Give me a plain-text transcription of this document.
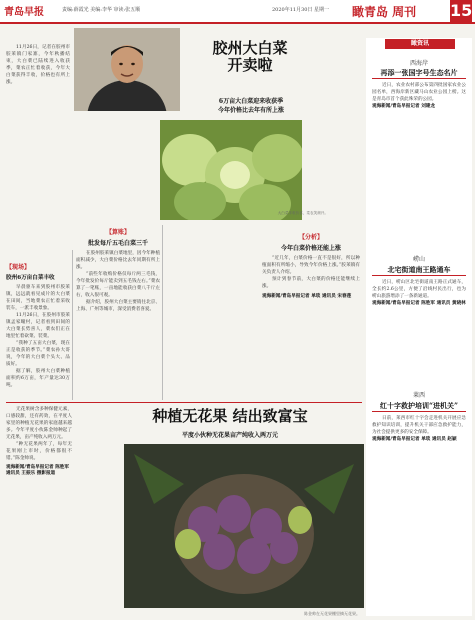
青岛早报	责编:薛霞光 美编:李华 审读:张五顺	2020年11月30日 星期一 瞰青岛 周刊 15

11月26日，记者在胶州市胶莱镇门家寨，今年秋播结束，大白菜已陆续进入收获季，菜农正忙着收获，今年大白菜获得丰收，价格也有所上涨。

胶州大白菜
开卖啦
6万亩大白菜迎来收获季
今年价格比去年有所上涨
大白菜丰收价喜，菜农笑颜开。
【现场】
胶州6万亩白菜丰收

早晨驱车来到胶州市胶莱镇，远远就看见成片的大白菜在田间，当地菜农正忙着采收装车，一派丰收景象。

11月26日，在胶州市胶莱镇孟家疃村，记者看到田间的大白菜长势喜人，菜农们正在地里忙着砍菜、装菜。

“我种了五亩大白菜，现在正是收获的季节。”菜农孙大哥说，今年的大白菜个头大、品质好。

据了解，胶州大白菜种植面积约6万亩，年产量达30万吨。

【算账】
批发每斤五毛白菜三千

在胶州胶莱镇白菜地里，因今年种植面积减少，大白菜价格比去年同期有所上涨。

“前些年收购价格仅每斤两三毛钱，今年批发价每斤能卖到五毛钱左右。”菜农算了一笔账，一亩地能收获白菜八千斤左右，收入很可观。

据介绍，胶州大白菜主要销往北京、上海、广州等城市，深受消费者喜爱。

【分析】
今年白菜价格还能上涨

“近几年，白菜价格一直不是很好，所以种植面积有所缩小，导致今年价格上涨。”胶莱镇有关负责人介绍。

预计到春节前，大白菜的价格还能继续上涨。

观海新闻/青岛早报记者 单琰 通讯员 宋春莲
种植无花果 结出致富宝
平度小伙种无花果亩产纯收入两万元

无花果树含多种保健元素，口感较甜，还有药效，在平度人家里的种植无花果的家庭越来越多。今年平度小伙陈金帅种起了无花果，亩产纯收入两万元。

“种无花果两年了，每年无花果刚上市时，价格都很不错。”陈金帅说。

观海新闻/青岛早报记者 陈胜军 通讯员 王振乐 摄影报道
陈金帅在无花果棚里摘无花果。
瞰资讯
西海岸
再添一张国字号生态名片

近日，农业农村部公布第四批国家农业公园名单，西海岸新区藏马山农业公园上榜。这是青岛市首个获此殊荣的公园。

观海新闻/青岛早报记者 刘建龙
崂山
北宅街道南王路通车

近日，崂山区北宅街道南王路正式通车，全长约2.6公里，方便了沿线村民出行，也为崂山旅游增添了一条新通道。

观海新闻/青岛早报记者 陈胜军 通讯员 黄晓林
莱西
红十字救护培训“进机关”

日前，莱西市红十字会走进机关开展应急救护知识培训，提升机关干部应急救护能力，为社会提供更多的安全保障。

观海新闻/青岛早报记者 单琰 通讯员 赵颖
